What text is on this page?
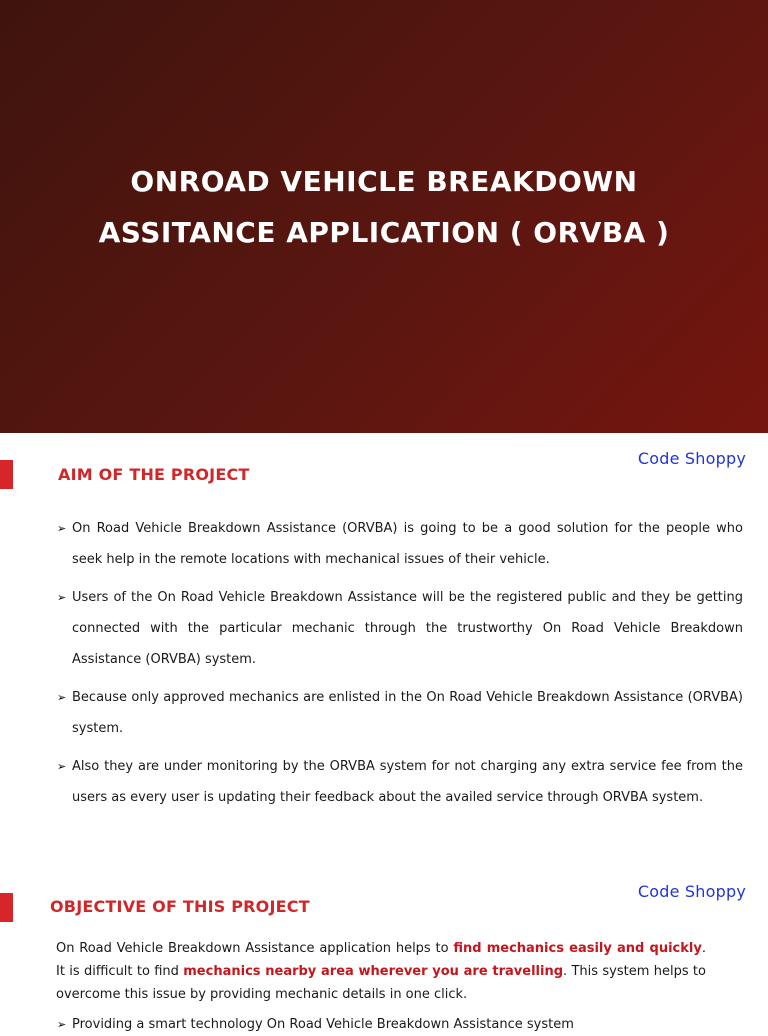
ONROAD VEHICLE BREAKDOWN
ASSITANCE APPLICATION ( ORVBA )
Code Shoppy
AIM OF THE PROJECT
➢ On Road Vehicle Breakdown Assistance (ORVBA) is going to be a good solution for the people who seek help in the remote locations with mechanical issues of their vehicle.
➢ Users of the On Road Vehicle Breakdown Assistance will be the registered public and they be getting connected with the particular mechanic through the trustworthy On Road Vehicle Breakdown Assistance (ORVBA) system.
➢ Because only approved mechanics are enlisted in the On Road Vehicle Breakdown Assistance (ORVBA) system.
➢ Also they are under monitoring by the ORVBA system for not charging any extra service fee from the users as every user is updating their feedback about the availed service through ORVBA system.
Code Shoppy
OBJECTIVE OF THIS PROJECT

On Road Vehicle Breakdown Assistance application helps to find mechanics easily and quickly. It is difficult to find mechanics nearby area wherever you are travelling. This system helps to overcome this issue by providing mechanic details in one click.

➢ Providing a smart technology On Road Vehicle Breakdown Assistance system
